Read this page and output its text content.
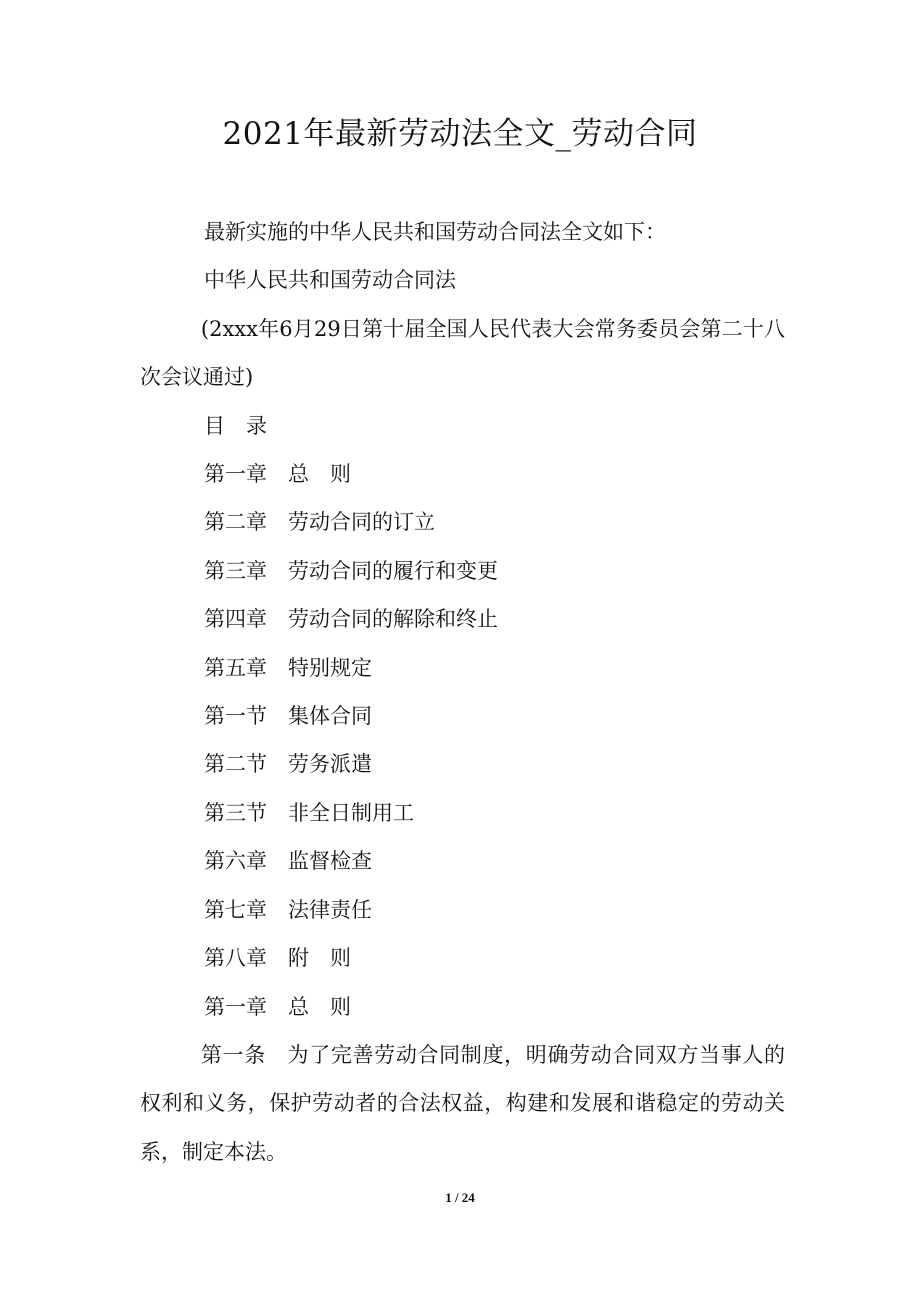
2021年最新劳动法全文_劳动合同

最新实施的中华人民共和国劳动合同法全文如下：

中华人民共和国劳动合同法

(2xxx年6月29日第十届全国人民代表大会常务委员会第二十八次会议通过)

目　录

第一章 总　则

第二章 劳动合同的订立

第三章 劳动合同的履行和变更

第四章 劳动合同的解除和终止

第五章 特别规定

第一节 集体合同

第二节 劳务派遣

第三节 非全日制用工

第六章 监督检查

第七章 法律责任

第八章 附　则

第一章 总　则

第一条　 为了完善劳动合同制度，明确劳动合同双方当事人的权利和义务，保护劳动者的合法权益，构建和发展和谐稳定的劳动关系，制定本法。

1 / 24
